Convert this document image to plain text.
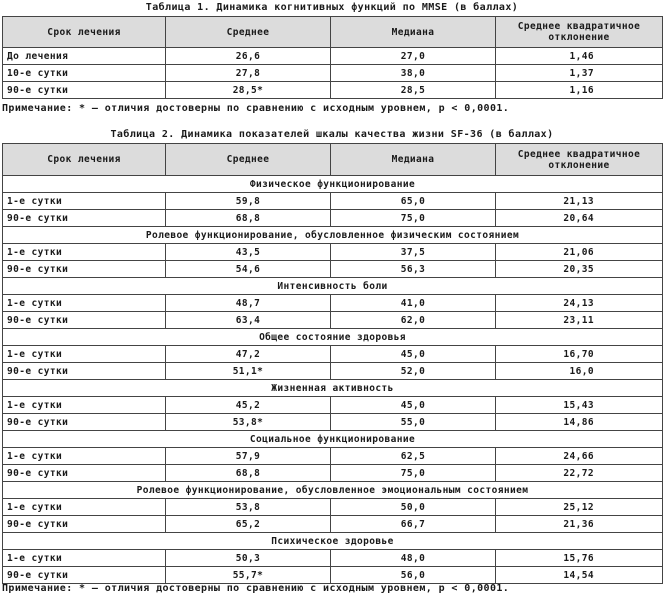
Таблица 1. Динамика когнитивных функций по MMSE (в баллах)
Срок лечения	Среднее	Медиана	Среднее квадратичное отклонение
До лечения	26,6	27,0	1,46
10-е сутки	27,8	38,0	1,37
90-е сутки	28,5*	28,5	1,16
Примечание: * – отличия достоверны по сравнению с исходным уровнем, р < 0,0001.
Таблица 2. Динамика показателей шкалы качества жизни SF-36 (в баллах)
Срок лечения	Среднее	Медиана	Среднее квадратичное отклонение
Физическое функционирование			
1-е сутки	59,8	65,0	21,13
90-е сутки	68,8	75,0	20,64
Ролевое функционирование, обусловленное физическим состоянием			
1-е сутки	43,5	37,5	21,06
90-е сутки	54,6	56,3	20,35
Интенсивность боли			
1-е сутки	48,7	41,0	24,13
90-е сутки	63,4	62,0	23,11
Общее состояние здоровья			
1-е сутки	47,2	45,0	16,70
90-е сутки	51,1*	52,0	16,0
Жизненная активность			
1-е сутки	45,2	45,0	15,43
90-е сутки	53,8*	55,0	14,86
Социальное функционирование			
1-е сутки	57,9	62,5	24,66
90-е сутки	68,8	75,0	22,72
Ролевое функционирование, обусловленное эмоциональным состоянием			
1-е сутки	53,8	50,0	25,12
90-е сутки	65,2	66,7	21,36
Психическое здоровье			
1-е сутки	50,3	48,0	15,76
90-е сутки	55,7*	56,0	14,54
Примечание: * – отличия достоверны по сравнению с исходным уровнем, р < 0,0001.
